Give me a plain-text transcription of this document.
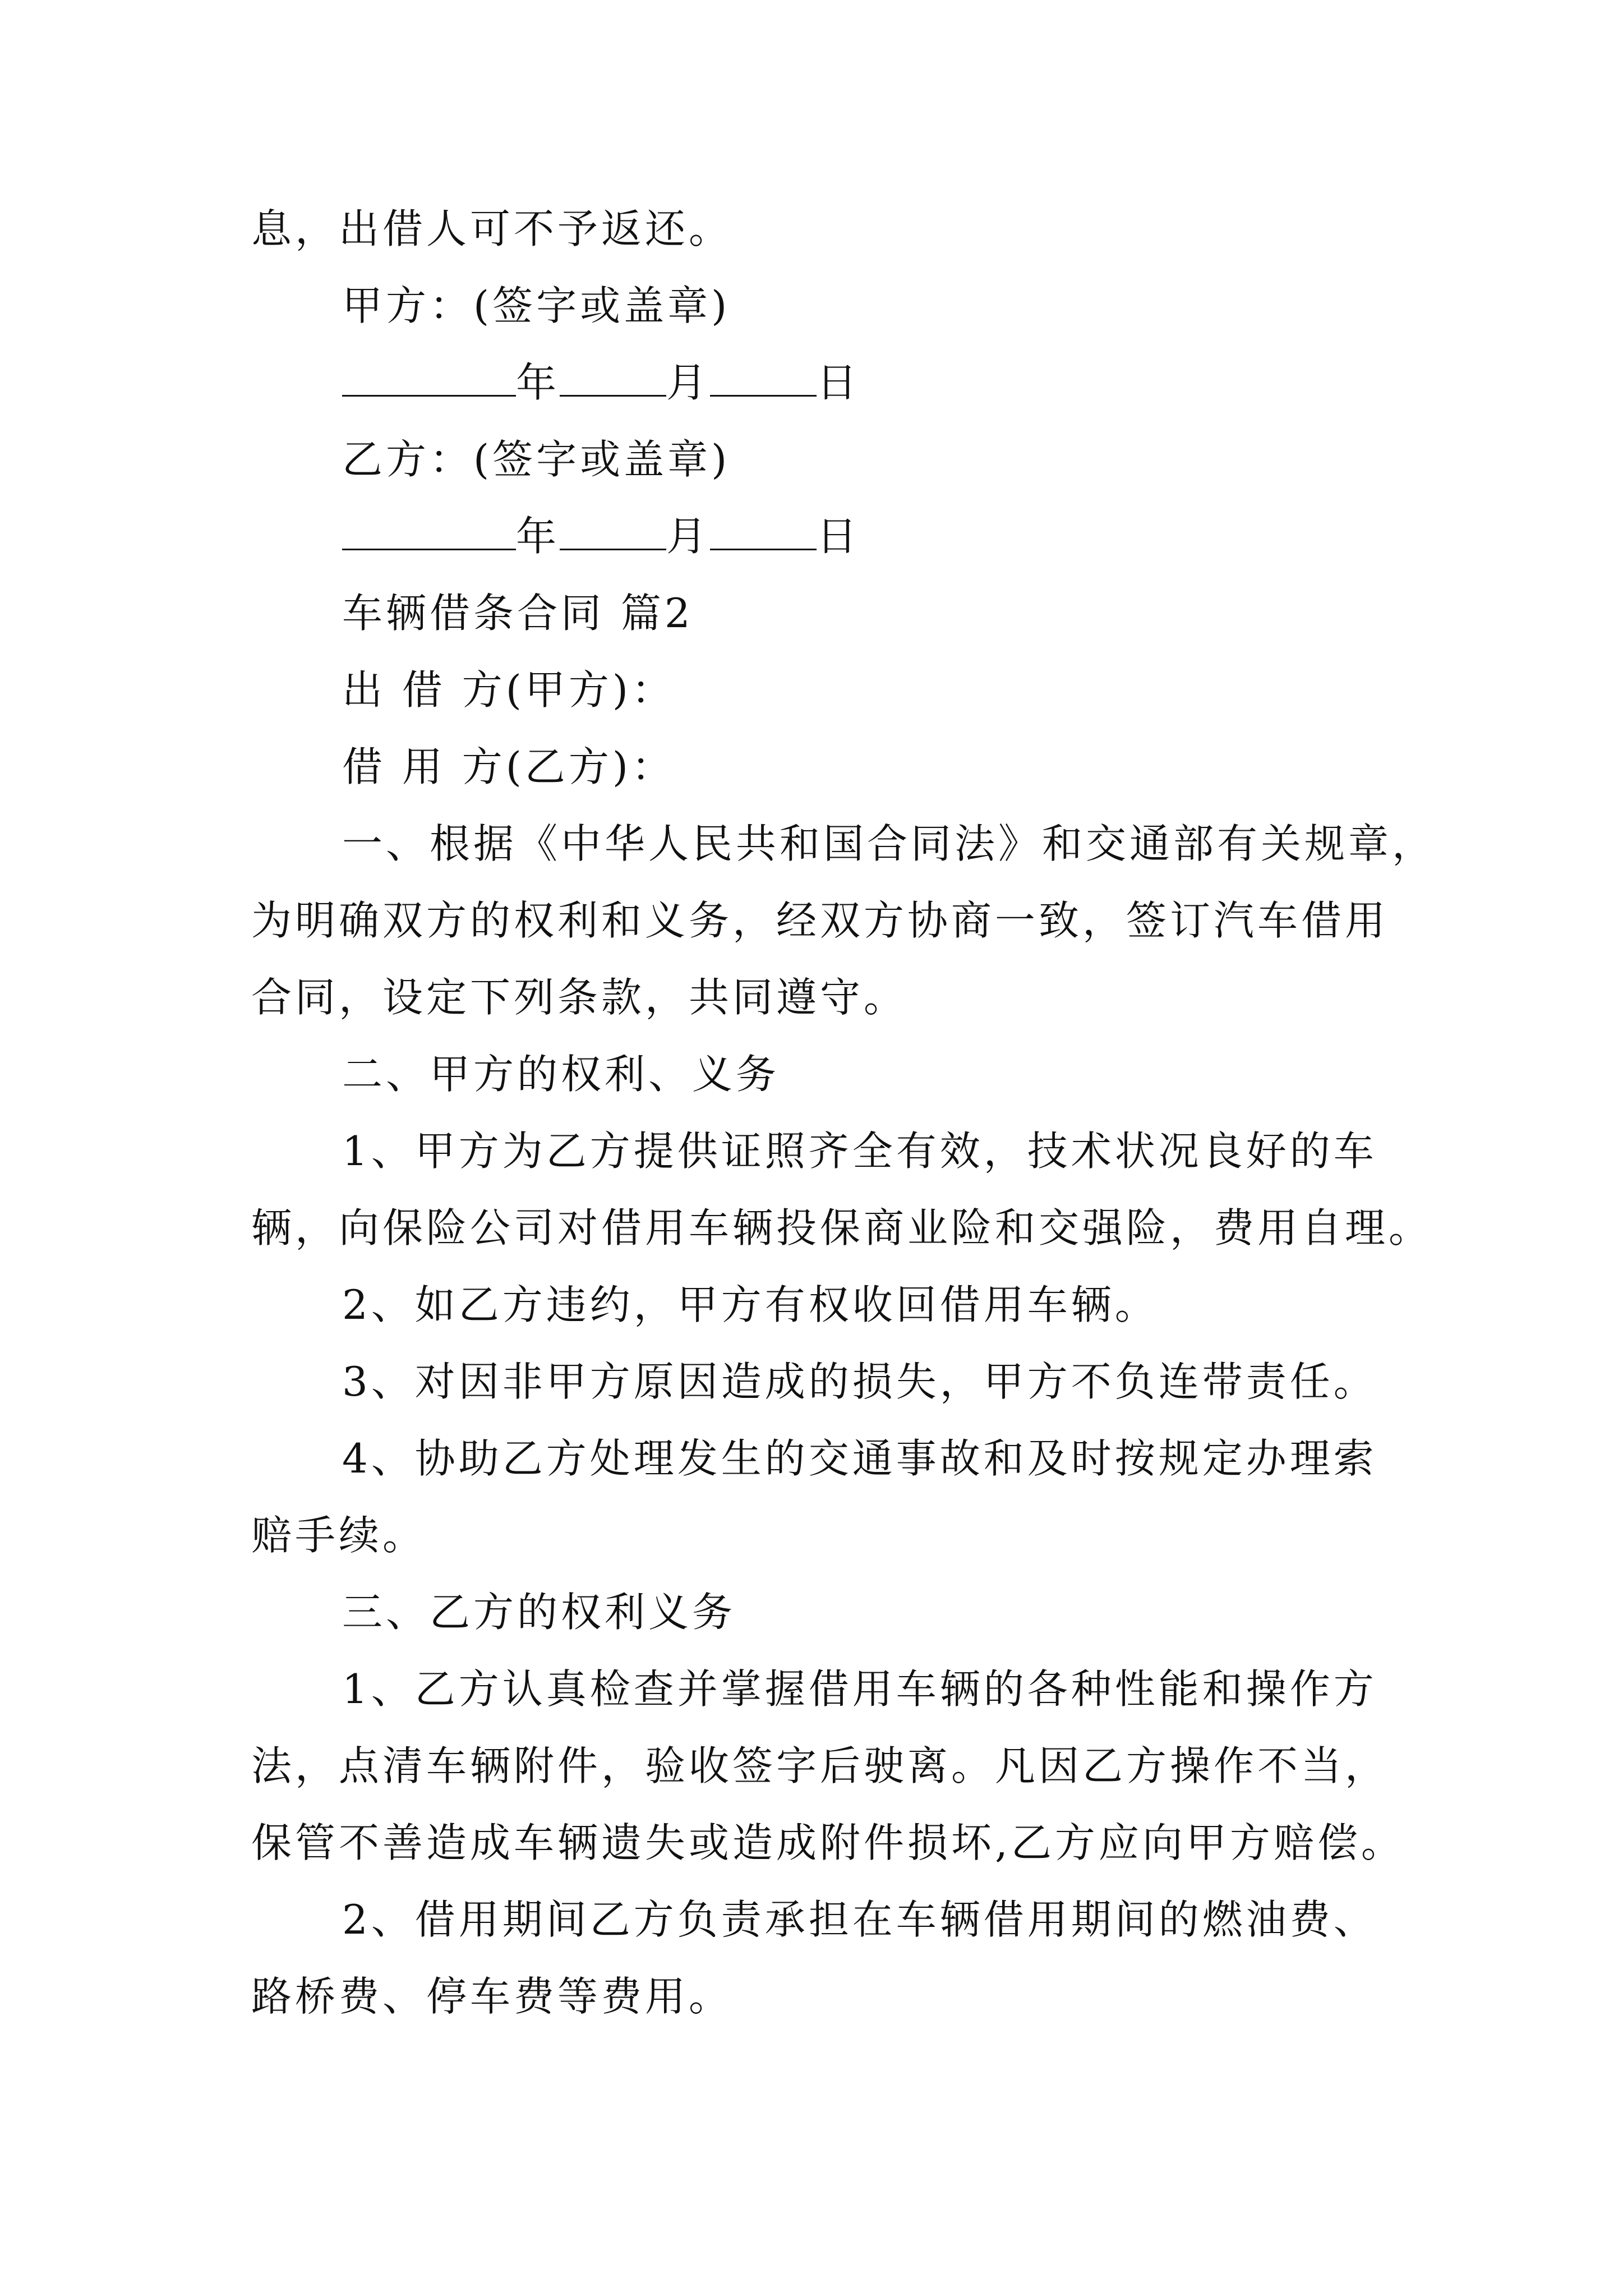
息，出借人可不予返还。
甲方：(签字或盖章)
年	月	日
乙方：(签字或盖章)
年	月	日
车辆借条合同 篇2
出 借 方(甲方)：
借 用 方(乙方)：
一、根据《中华人民共和国合同法》和交通部有关规章，
为明确双方的权利和义务，经双方协商一致，签订汽车借用
合同，设定下列条款，共同遵守。
二、甲方的权利、义务
1、甲方为乙方提供证照齐全有效，技术状况良好的车
辆，向保险公司对借用车辆投保商业险和交强险，费用自理。
2、如乙方违约，甲方有权收回借用车辆。
3、对因非甲方原因造成的损失，甲方不负连带责任。
4、协助乙方处理发生的交通事故和及时按规定办理索
赔手续。
三、乙方的权利义务
1、乙方认真检查并掌握借用车辆的各种性能和操作方
法，点清车辆附件，验收签字后驶离。凡因乙方操作不当，
保管不善造成车辆遗失或造成附件损坏,乙方应向甲方赔偿。
2、借用期间乙方负责承担在车辆借用期间的燃油费、
路桥费、停车费等费用。
